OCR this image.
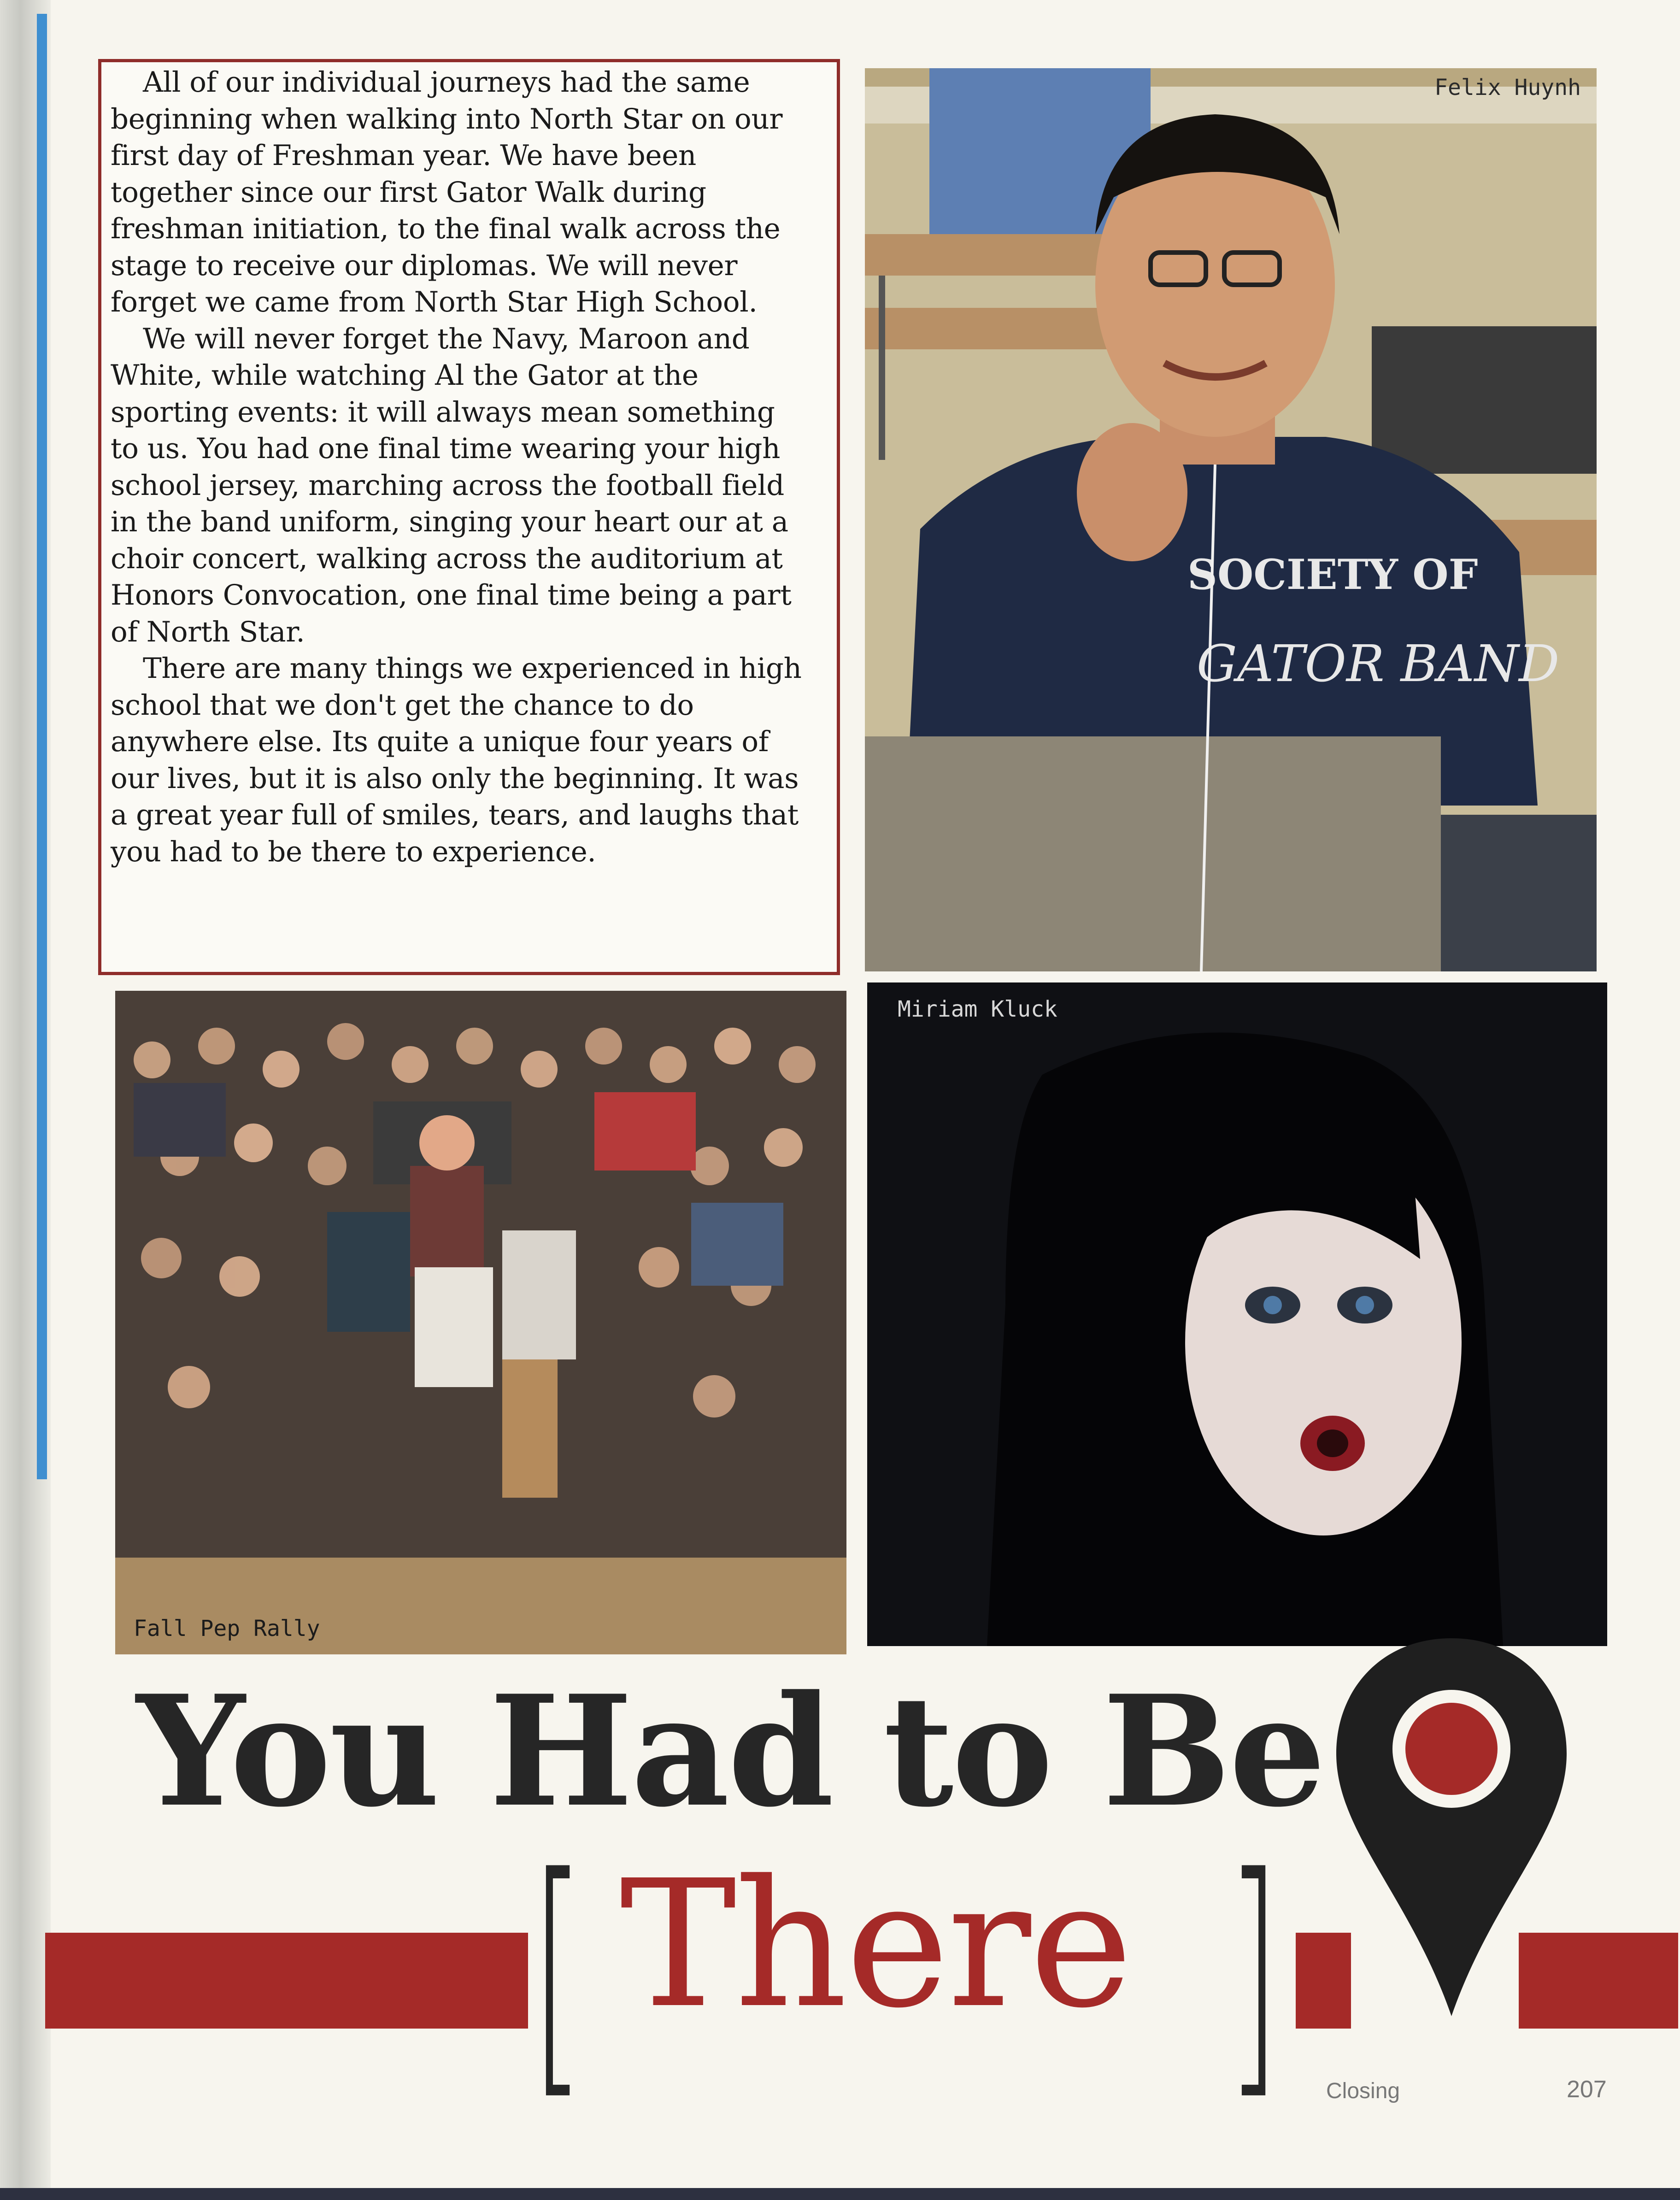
All of our individual journeys had the same beginning when walking into North Star on our first day of Freshman year. We have been together since our first Gator Walk during freshman initiation, to the final walk across the stage to receive our diplomas. We will never forget we came from North Star High School.

We will never forget the Navy, Maroon and White, while watching Al the Gator at the sporting events: it will always mean something to us. You had one final time wearing your high school jersey, marching across the football field in the band uniform, singing your heart our at a choir concert, walking across the auditorium at Honors Convocation, one final time being a part of North Star.

There are many things we experienced in high school that we don't get the chance to do anywhere else. Its quite a unique four years of our lives, but it is also only the beginning. It was a great year full of smiles, tears, and laughs that you had to be there to experience.

SOCIETY OF
GATOR BAND
Felix Huynh
Fall Pep Rally
Miriam Kluck
You Had to Be
[ There ] Closing	207
